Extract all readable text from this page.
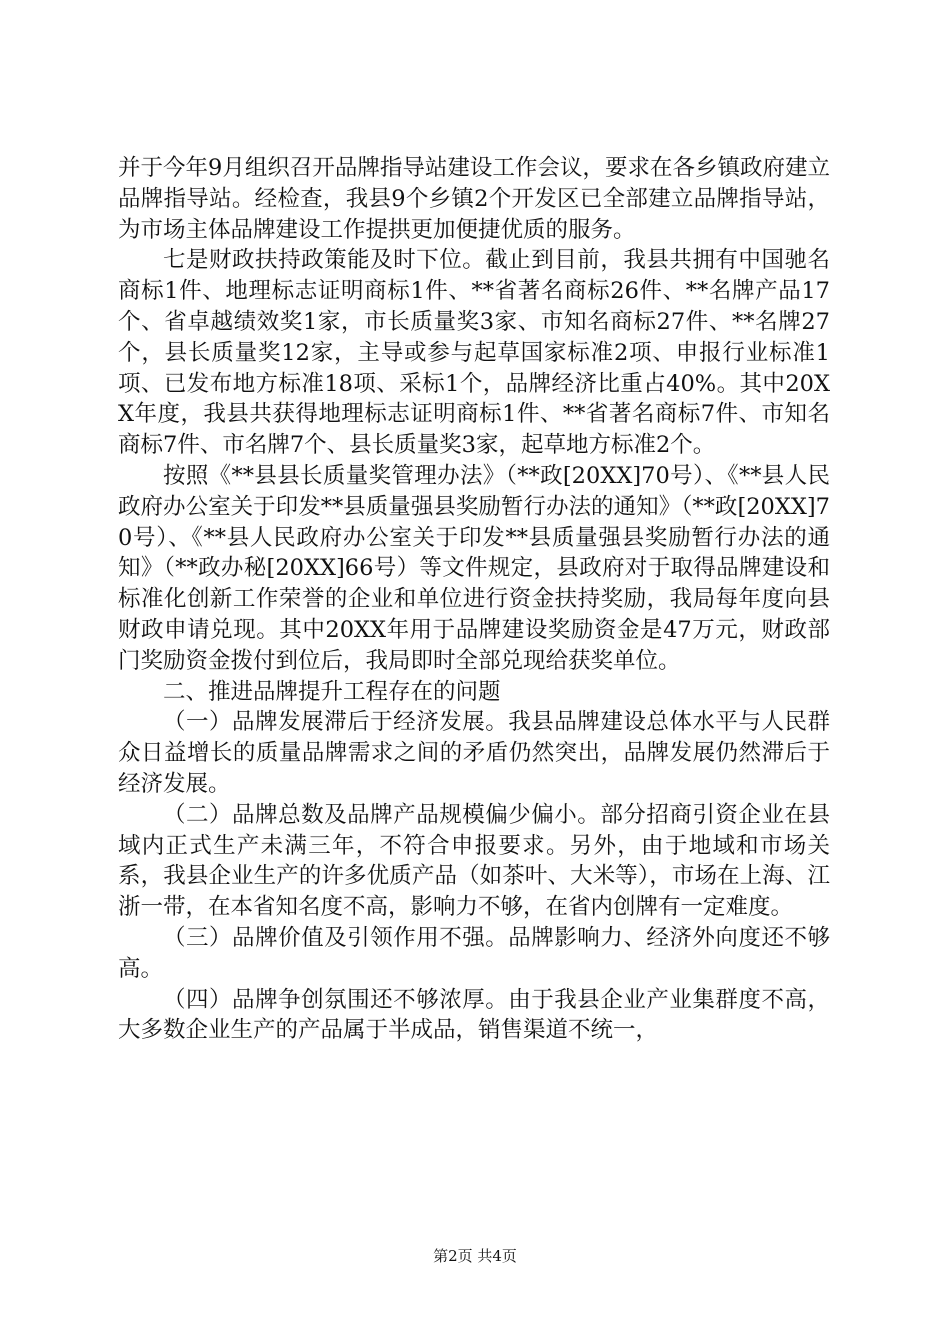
并于今年9月组织召开品牌指导站建设工作会议，要求在各乡镇政府建立品牌指导站。经检查，我县9个乡镇2个开发区已全部建立品牌指导站，为市场主体品牌建设工作提拱更加便捷优质的服务。

七是财政扶持政策能及时下位。截止到目前，我县共拥有中国驰名商标1件、地理标志证明商标1件、**省著名商标26件、**名牌产品17个、省卓越绩效奖1家，市长质量奖3家、市知名商标27件、**名牌27个，县长质量奖12家，主导或参与起草国家标准2项、申报行业标准1项、已发布地方标准18项、采标1个，品牌经济比重占40%。其中20XX年度，我县共获得地理标志证明商标1件、**省著名商标7件、市知名商标7件、市名牌7个、县长质量奖3家，起草地方标准2个。

按照《**县县长质量奖管理办法》（**政[20XX]70号）、《**县人民政府办公室关于印发**县质量强县奖励暂行办法的通知》（**政[20XX]70号）、《**县人民政府办公室关于印发**县质量强县奖励暂行办法的通知》（**政办秘[20XX]66号）等文件规定，县政府对于取得品牌建设和标准化创新工作荣誉的企业和单位进行资金扶持奖励，我局每年度向县财政申请兑现。其中20XX年用于品牌建设奖励资金是47万元，财政部门奖励资金拨付到位后，我局即时全部兑现给获奖单位。

二、推进品牌提升工程存在的问题

（一）品牌发展滞后于经济发展。我县品牌建设总体水平与人民群众日益增长的质量品牌需求之间的矛盾仍然突出，品牌发展仍然滞后于经济发展。

（二）品牌总数及品牌产品规模偏少偏小。部分招商引资企业在县域内正式生产未满三年，不符合申报要求。另外，由于地域和市场关系，我县企业生产的许多优质产品（如茶叶、大米等），市场在上海、江浙一带，在本省知名度不高，影响力不够，在省内创牌有一定难度。

（三）品牌价值及引领作用不强。品牌影响力、经济外向度还不够高。

（四）品牌争创氛围还不够浓厚。由于我县企业产业集群度不高，大多数企业生产的产品属于半成品，销售渠道不统一，

第2页 共4页
